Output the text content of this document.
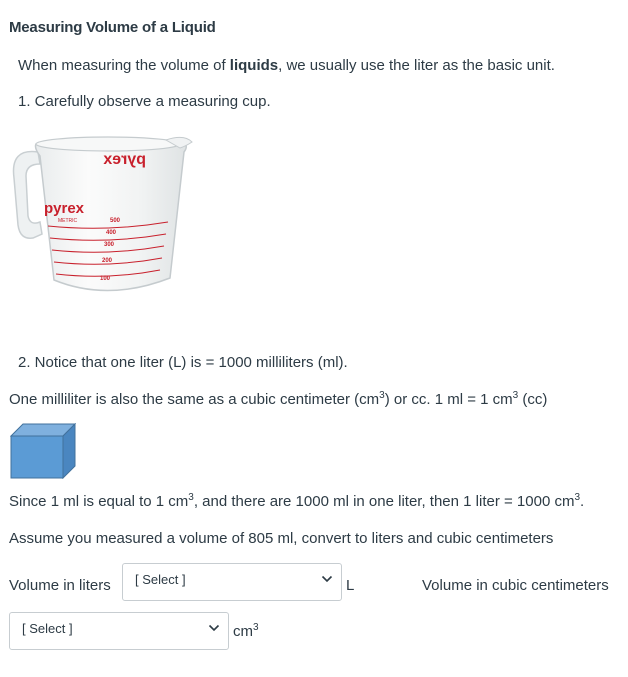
Measuring Volume of a Liquid
When measuring the volume of liquids, we usually use the liter as the basic unit.
1. Carefully observe a measuring cup.
pyrex
pyrex
METRIC	500
400
300
200
100
2. Notice that one liter (L) is = 1000 milliliters (ml).
One milliliter is also the same as a cubic centimeter $(cm^3)$ or cc. 1 ml = 1 $cm^3$ (cc)
Since 1 ml is equal to 1 $cm^3$, and there are 1000 ml in one liter, then 1 liter = 1000 $cm^3$.
Assume you measured a volume of 805 ml, convert to liters and cubic centimeters
Volume in liters [ Select ]	L	Volume in cubic centimeters
[ Select ]	$cm^3$
